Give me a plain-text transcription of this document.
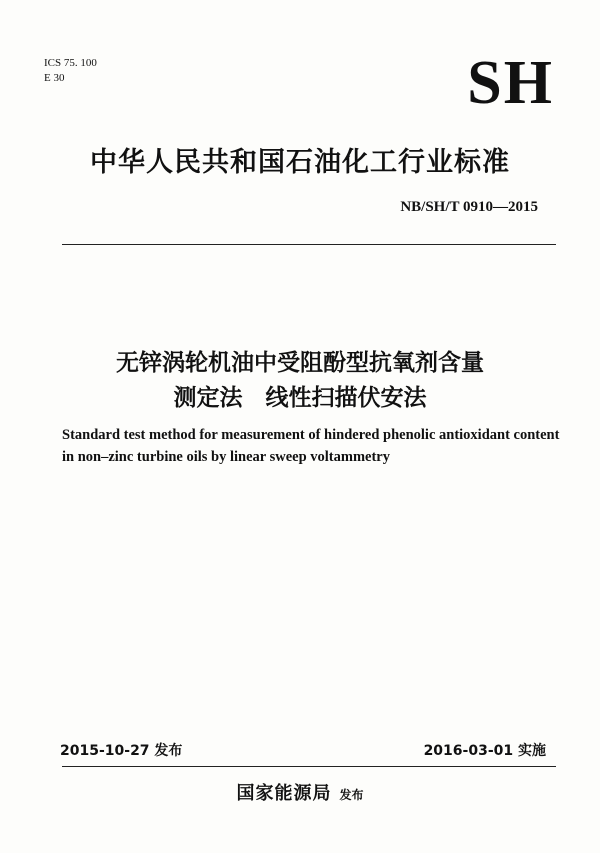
ICS 75. 100
E 30	SH
中华人民共和国石油化工行业标准
NB/SH/T 0910—2015
无锌涡轮机油中受阻酚型抗氧剂含量
测定法　线性扫描伏安法
Standard test method for measurement of hindered phenolic antioxidant content
in non–zinc turbine oils by linear sweep voltammetry
2015-10-27 发布	2016-03-01 实施
国家能源局 发布
